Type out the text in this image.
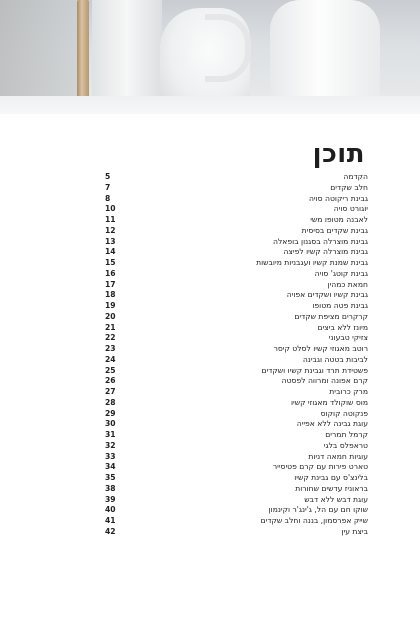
תוכן
5	הקדמה
7	חלב שקדים
8	גבינת ריקוטה סויה
10	יוגורט סויה
11	לאבנה מטופו משי
12	גבינת שקדים בסיסית
13	גבינת מוצרלה בסגנון בופאלה
14	גבינת מוצרלה קשיו לפיצה
15	גבינת שמנת קשיו ועגבניות מיובשות
16	גבינת קוטג' סויה
17	חמאת כמהין
18	גבינת קשיו ושקדים אפויה
19	גבינת פטה מטופו
20	קרקרים מציפת שקדים
21	מיונז ללא ביצים
22	צזיקי טבעוני
23	רוטב מאגוזי קשיו לסלט קיסר
24	לביבות בטטה וגבינה
25	פשטידת תרד וגבינת קשיו ושקדים
26	קרם אפונה ומרווה לפסטה
27	מרק כרובית
28	מוס שוקולד מאגוזי קשיו
29	פנקוטה קוקוס
30	עוגת גבינה ללא אפייה
31	קרמל תמרים
32	טראפלס בלגי
33	עוגיות חמאה דניות
34	טארט פירות עם קרם פטיסייר
35	בלינצ'ס עם גבינת קשיו
38	בראוניז עדשים שחורות
39	עוגת דבש ללא דבש
40	שוקו חם עם הל, ג'ינג'ר וקינמון
41	שייק אפרסמון, בננה וחלב שקדים
42	ביצת עין
